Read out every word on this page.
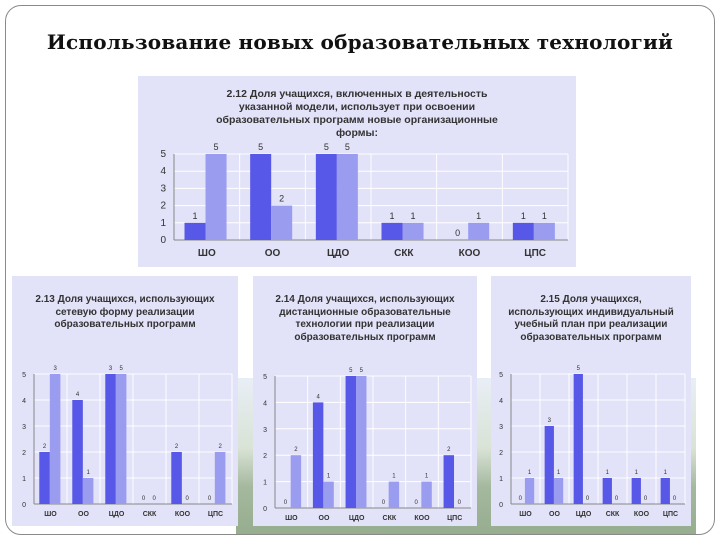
Использование новых образовательных технологий
2.12 Доля учащихся, включенных в деятельность указанной модели, использует при освоении образовательных программ новые организационные формы:
0
1
2
3
4
5
1
5	5
1
0
1
5
2
5
1	1	1
ШО	ОО	ЦДО	СКК	КОО	ЦПС
2.13 Доля учащихся, использующих сетевую форму реализации образовательных программ
0
1
2
3
4
5
2
4
3
0
2
0
3
1
5
0	0
2
ШО	ОО	ЦДО	СКК	КОО	ЦПС
2.14 Доля учащихся, использующих дистанционные образовательные технологии при реализации образовательных программ
0
1
2
3
4
5
0
4
5
0	0
2
2
1
5
1	1
0
ШО	ОО	ЦДО	СКК	КОО ЦПС
2.15 Доля учащихся, использующих индивидуальный учебный план при реализации образовательных программ
0
1
2
3
4
5
0
3
5
1	1	1
1	1
0	0	0	0
ШО ОО ЦДО СКК КОО ЦПС
